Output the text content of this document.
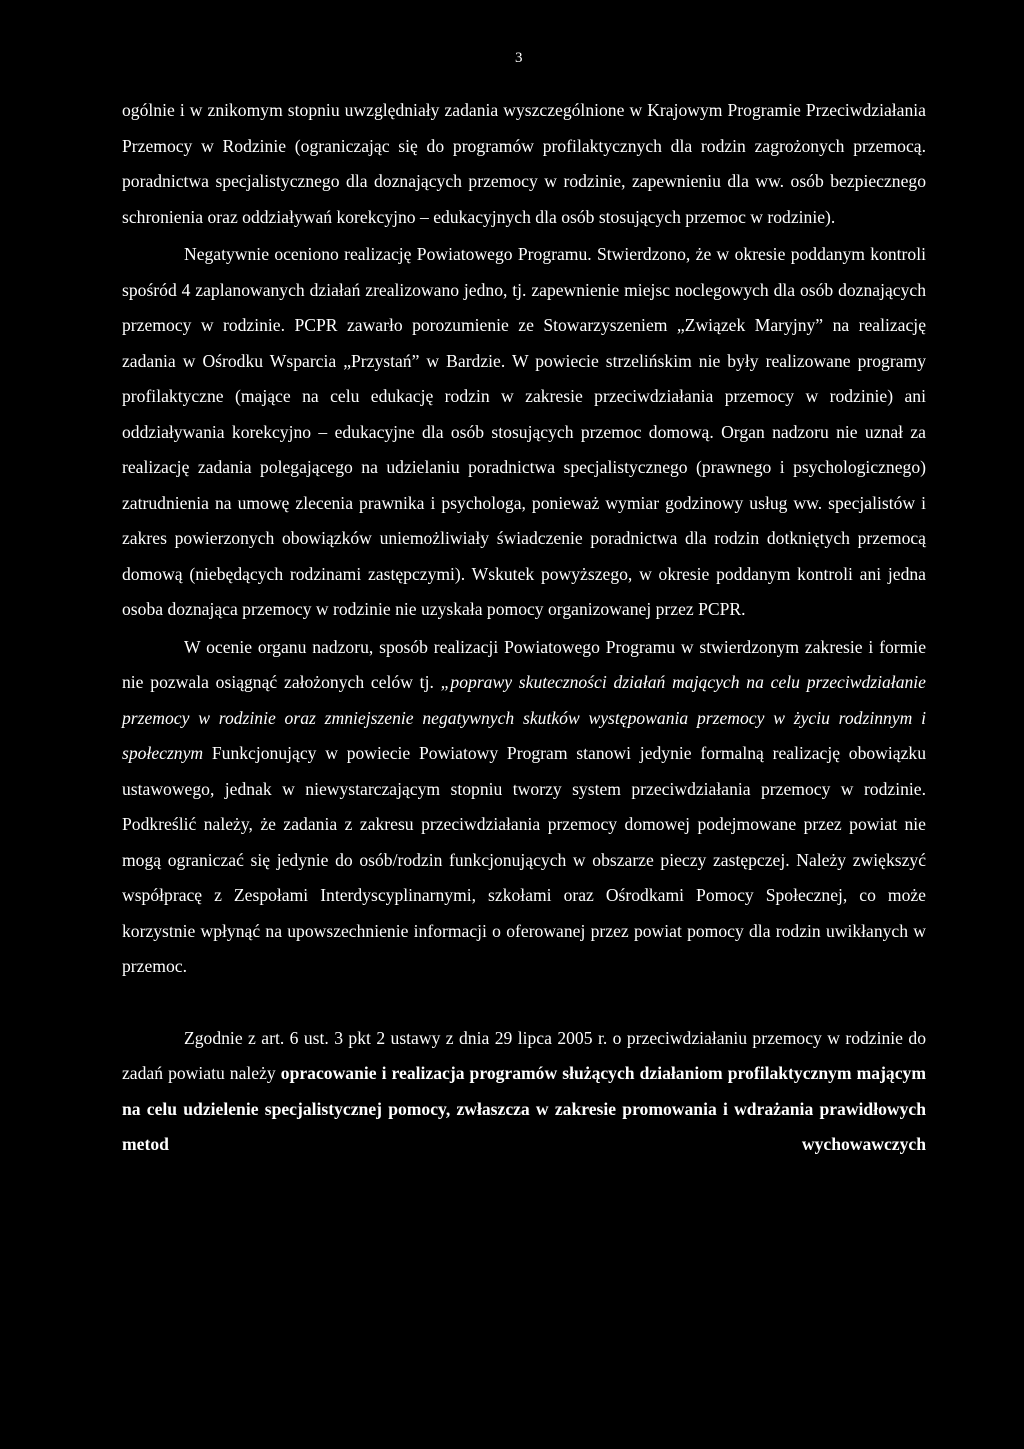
3

ogólnie i w znikomym stopniu uwzględniały zadania wyszczególnione w Krajowym Programie Przeciwdziałania Przemocy w Rodzinie (ograniczając się do programów profilaktycznych dla rodzin zagrożonych przemocą. poradnictwa specjalistycznego dla doznających przemocy w rodzinie, zapewnieniu dla ww. osób bezpiecznego schronienia oraz oddziaływań korekcyjno – edukacyjnych dla osób stosujących przemoc w rodzinie).

Negatywnie oceniono realizację Powiatowego Programu. Stwierdzono, że w okresie poddanym kontroli spośród 4 zaplanowanych działań zrealizowano jedno, tj. zapewnienie miejsc noclegowych dla osób doznających przemocy w rodzinie. PCPR zawarło porozumienie ze Stowarzyszeniem „Związek Maryjny” na realizację zadania w Ośrodku Wsparcia „Przystań” w Bardzie. W powiecie strzelińskim nie były realizowane programy profilaktyczne (mające na celu edukację rodzin w zakresie przeciwdziałania przemocy w rodzinie) ani oddziaływania korekcyjno – edukacyjne dla osób stosujących przemoc domową. Organ nadzoru nie uznał za realizację zadania polegającego na udzielaniu poradnictwa specjalistycznego (prawnego i psychologicznego) zatrudnienia na umowę zlecenia prawnika i psychologa, ponieważ wymiar godzinowy usług ww. specjalistów i zakres powierzonych obowiązków uniemożliwiały świadczenie poradnictwa dla rodzin dotkniętych przemocą domową (niebędących rodzinami zastępczymi). Wskutek powyższego, w okresie poddanym kontroli ani jedna osoba doznająca przemocy w rodzinie nie uzyskała pomocy organizowanej przez PCPR.

W ocenie organu nadzoru, sposób realizacji Powiatowego Programu w stwierdzonym zakresie i formie nie pozwala osiągnąć założonych celów tj. „poprawy skuteczności działań mających na celu przeciwdziałanie przemocy w rodzinie oraz zmniejszenie negatywnych skutków występowania przemocy w życiu rodzinnym i społecznym Funkcjonujący w powiecie Powiatowy Program stanowi jedynie formalną realizację obowiązku ustawowego, jednak w niewystarczającym stopniu tworzy system przeciwdziałania przemocy w rodzinie. Podkreślić należy, że zadania z zakresu przeciwdziałania przemocy domowej podejmowane przez powiat nie mogą ograniczać się jedynie do osób/rodzin funkcjonujących w obszarze pieczy zastępczej. Należy zwiększyć współpracę z Zespołami Interdyscyplinarnymi, szkołami oraz Ośrodkami Pomocy Społecznej, co może korzystnie wpłynąć na upowszechnienie informacji o oferowanej przez powiat pomocy dla rodzin uwikłanych w przemoc.

Zgodnie z art. 6 ust. 3 pkt 2 ustawy z dnia 29 lipca 2005 r. o przeciwdziałaniu przemocy w rodzinie do zadań powiatu należy opracowanie i realizacja programów służących działaniom profilaktycznym mającym na celu udzielenie specjalistycznej pomocy, zwłaszcza w zakresie promowania i wdrażania prawidłowych metod wychowawczych
